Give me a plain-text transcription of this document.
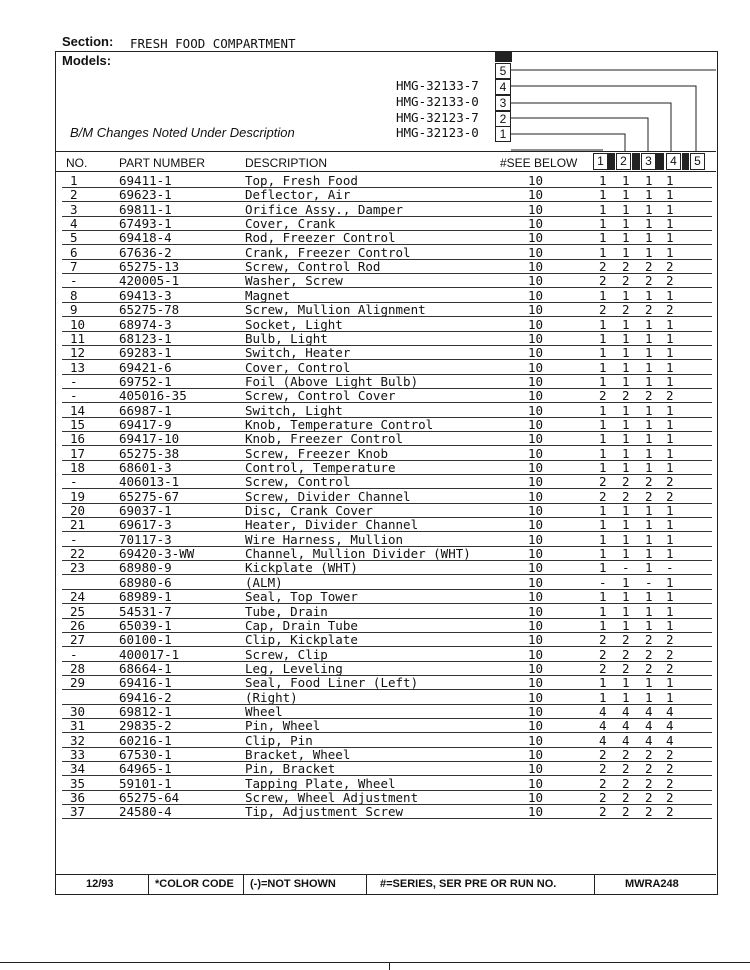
Section: FRESH FOOD COMPARTMENT
Models:
B/M Changes Noted Under Description
5
HMG-32133-7	4
HMG-32133-0	3
HMG-32123-7	2
HMG-32123-0	1
NO.	PART NUMBER	DESCRIPTION	#SEE BELOW	1	2	3	4	5
1	69411-1	Top, Fresh Food	10	1 1 1 1
2	69623-1	Deflector, Air	10	1 1 1 1
3	69811-1	Orifice Assy., Damper	10	1 1 1 1
4	67493-1	Cover, Crank	10	1 1 1 1
5	69418-4	Rod, Freezer Control	10	1 1 1 1
6	67636-2	Crank, Freezer Control	10	1 1 1 1
7	65275-13	Screw, Control Rod	10	2 2 2 2
-	420005-1	Washer, Screw	10	2 2 2 2
8	69413-3	Magnet	10	1 1 1 1
9	65275-78	Screw, Mullion Alignment	10	2 2 2 2
10	68974-3	Socket, Light	10	1 1 1 1
11	68123-1	Bulb, Light	10	1 1 1 1
12	69283-1	Switch, Heater	10	1 1 1 1
13	69421-6	Cover, Control	10	1 1 1 1
-	69752-1	Foil (Above Light Bulb)	10	1 1 1 1
-	405016-35	Screw, Control Cover	10	2 2 2 2
14	66987-1	Switch, Light	10	1 1 1 1
15	69417-9	Knob, Temperature Control	10	1 1 1 1
16	69417-10	Knob, Freezer Control	10	1 1 1 1
17	65275-38	Screw, Freezer Knob	10	1 1 1 1
18	68601-3	Control, Temperature	10	1 1 1 1
-	406013-1	Screw, Control	10	2 2 2 2
19	65275-67	Screw, Divider Channel	10	2 2 2 2
20	69037-1	Disc, Crank Cover	10	1 1 1 1
21	69617-3	Heater, Divider Channel	10	1 1 1 1
-	70117-3	Wire Harness, Mullion	10	1 1 1 1
22	69420-3-WW	Channel, Mullion Divider (WHT)	10	1 1 1 1
23	68980-9	Kickplate (WHT)	10	1 - 1 -
68980-6	(ALM)	10	- 1 - 1
24	68989-1	Seal, Top Tower	10	1 1 1 1
25	54531-7	Tube, Drain	10	1 1 1 1
26	65039-1	Cap, Drain Tube	10	1 1 1 1
27	60100-1	Clip, Kickplate	10	2 2 2 2
-	400017-1	Screw, Clip	10	2 2 2 2
28	68664-1	Leg, Leveling	10	2 2 2 2
29	69416-1	Seal, Food Liner (Left)	10	1 1 1 1
69416-2	(Right)	10	1 1 1 1
30	69812-1	Wheel	10	4 4 4 4
31	29835-2	Pin, Wheel	10	4 4 4 4
32	60216-1	Clip, Pin	10	4 4 4 4
33	67530-1	Bracket, Wheel	10	2 2 2 2
34	64965-1	Pin, Bracket	10	2 2 2 2
35	59101-1	Tapping Plate, Wheel	10	2 2 2 2
36	65275-64	Screw, Wheel Adjustment	10	2 2 2 2
37	24580-4	Tip, Adjustment Screw	10	2 2 2 2
12/93	*COLOR CODE (-)=NOT SHOWN	#=SERIES, SER PRE OR RUN NO.	MWRA248
